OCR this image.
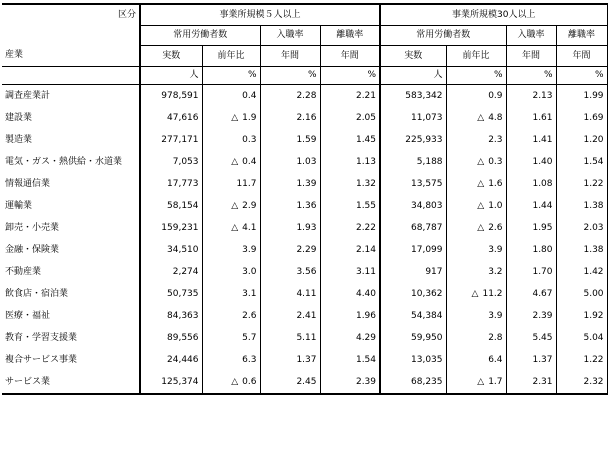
区分	事業所規模５人以上				事業所規模30人以上			
	常用労働者数		入職率	離職率	常用労働者数		入職率	離職率
産業	実数	前年比	年間	年間	実数	前年比	年間	年間
	人	%	%	%	人	%	%	%
調査産業計	978,591	0.4	2.28	2.21	583,342	0.9	2.13	1.99
建設業	47,616	△ 1.9	2.16	2.05	11,073	△ 4.8	1.61	1.69
製造業	277,171	0.3	1.59	1.45	225,933	2.3	1.41	1.20
電気・ガス・熱供給・水道業	7,053	△ 0.4	1.03	1.13	5,188	△ 0.3	1.40	1.54
情報通信業	17,773	11.7	1.39	1.32	13,575	△ 1.6	1.08	1.22
運輸業	58,154	△ 2.9	1.36	1.55	34,803	△ 1.0	1.44	1.38
卸売・小売業	159,231	△ 4.1	1.93	2.22	68,787	△ 2.6	1.95	2.03
金融・保険業	34,510	3.9	2.29	2.14	17,099	3.9	1.80	1.38
不動産業	2,274	3.0	3.56	3.11	917	3.2	1.70	1.42
飲食店・宿泊業	50,735	3.1	4.11	4.40	10,362	△ 11.2	4.67	5.00
医療・福祉	84,363	2.6	2.41	1.96	54,384	3.9	2.39	1.92
教育・学習支援業	89,556	5.7	5.11	4.29	59,950	2.8	5.45	5.04
複合サービス事業	24,446	6.3	1.37	1.54	13,035	6.4	1.37	1.22
サービス業	125,374	△ 0.6	2.45	2.39	68,235	△ 1.7	2.31	2.32
